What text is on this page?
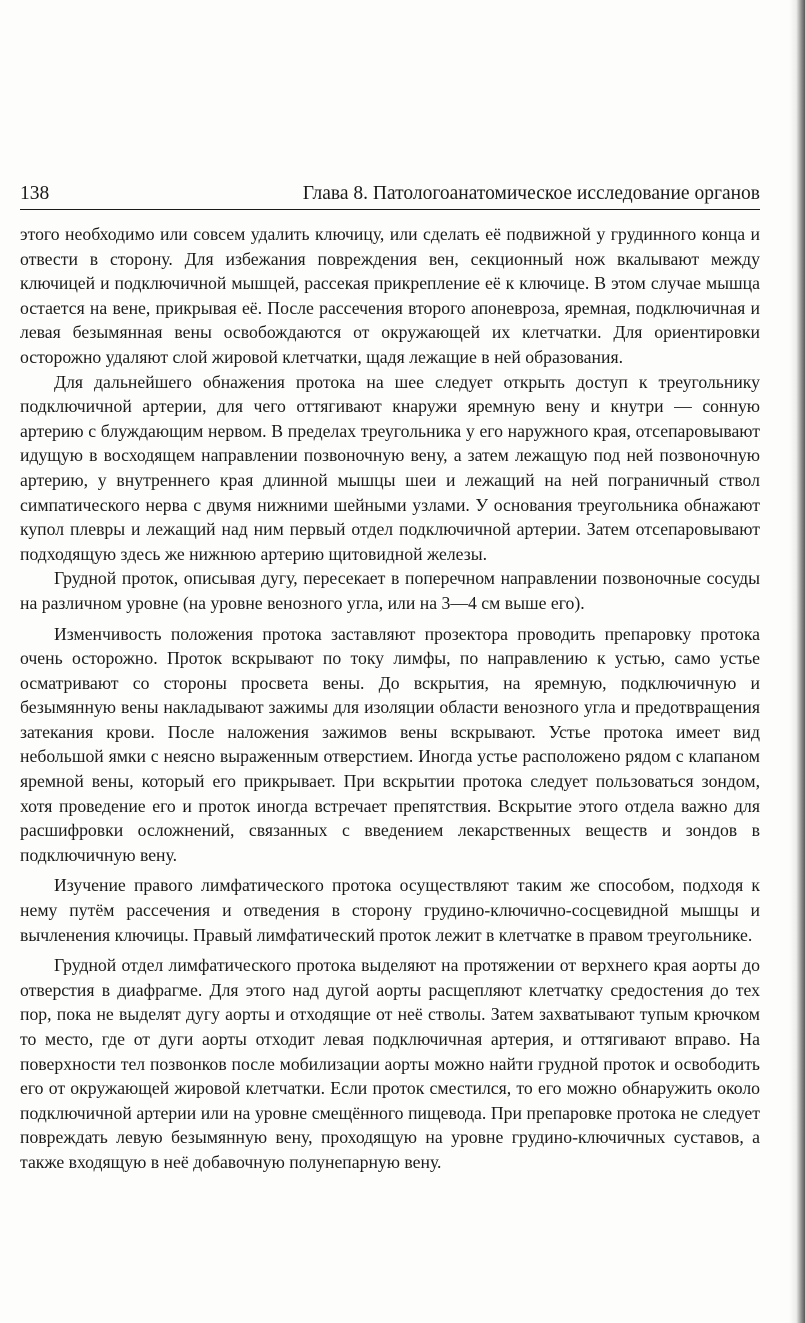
138	Глава 8. Патологоанатомическое исследование органов

этого необходимо или совсем удалить ключицу, или сделать её подвижной у грудинного конца и отвести в сторону. Для избежания повреждения вен, секционный нож вкалывают между ключицей и подключичной мышцей, рассекая прикрепление её к ключице. В этом случае мышца остается на вене, прикрывая её. После рассечения второго апоневроза, яремная, подключичная и левая безымянная вены освобождаются от окружающей их клетчатки. Для ориентировки осторожно удаляют слой жировой клетчатки, щадя лежащие в ней образования.

Для дальнейшего обнажения протока на шее следует открыть доступ к треугольнику подключичной артерии, для чего оттягивают кнаружи яремную вену и кнутри — сонную артерию с блуждающим нервом. В пределах треугольника у его наружного края, отсепаровывают идущую в восходящем направлении позвоночную вену, а затем лежащую под ней позвоночную артерию, у внутреннего края длинной мышцы шеи и лежащий на ней пограничный ствол симпатического нерва с двумя нижними шейными узлами. У основания треугольника обнажают купол плевры и лежащий над ним первый отдел подключичной артерии. Затем отсепаровывают подходящую здесь же нижнюю артерию щитовидной железы.

Грудной проток, описывая дугу, пересекает в поперечном направлении позвоночные сосуды на различном уровне (на уровне венозного угла, или на 3—4 см выше его).

Изменчивость положения протока заставляют прозектора проводить препаровку протока очень осторожно. Проток вскрывают по току лимфы, по направлению к устью, само устье осматривают со стороны просвета вены. До вскрытия, на яремную, подключичную и безымянную вены накладывают зажимы для изоляции области венозного угла и предотвращения затекания крови. После наложения зажимов вены вскрывают. Устье протока имеет вид небольшой ямки с неясно выраженным отверстием. Иногда устье расположено рядом с клапаном яремной вены, который его прикрывает. При вскрытии протока следует пользоваться зондом, хотя проведение его и проток иногда встречает препятствия. Вскрытие этого отдела важно для расшифровки осложнений, связанных с введением лекарственных веществ и зондов в подключичную вену.

Изучение правого лимфатического протока осуществляют таким же способом, подходя к нему путём рассечения и отведения в сторону грудино-ключично-сосцевидной мышцы и вычленения ключицы. Правый лимфатический проток лежит в клетчатке в правом треугольнике.

Грудной отдел лимфатического протока выделяют на протяжении от верхнего края аорты до отверстия в диафрагме. Для этого над дугой аорты расщепляют клетчатку средостения до тех пор, пока не выделят дугу аорты и отходящие от неё стволы. Затем захватывают тупым крючком то место, где от дуги аорты отходит левая подключичная артерия, и оттягивают вправо. На поверхности тел позвонков после мобилизации аорты можно найти грудной проток и освободить его от окружающей жировой клетчатки. Если проток сместился, то его можно обнаружить около подключичной артерии или на уровне смещённого пищевода. При препаровке протока не следует повреждать левую безымянную вену, проходящую на уровне грудино-ключичных суставов, а также входящую в неё добавочную полунепарную вену.
